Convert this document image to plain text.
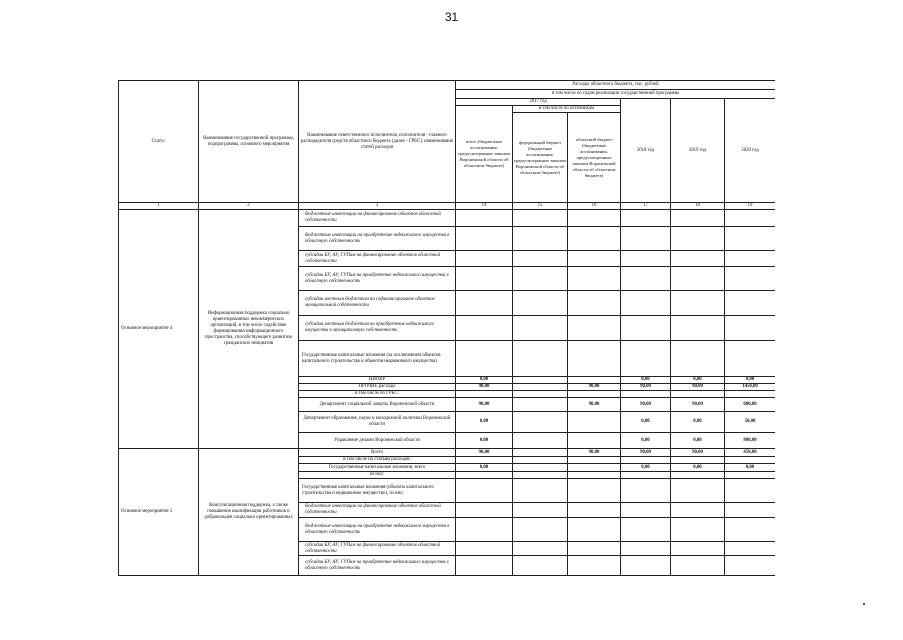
31
Статус	Наименование государственной программы, подпрограммы, основного мероприятия	Наименование ответственного исполнителя, исполнителя - главного распорядителя средств областного бюджета (далее - ГРБС), наименование статей расходов	Расходы областного бюджета, тыс. рублей					
			в том числе по годам реализации государственной программы					
			2017 год			2018 год	2019 год	2020 год
			всего (бюджетные ассигнования, предусмотренные законом Воронежской области об областном бюджете)	в том числе по источникам				
				федеральный бюджет (бюджетные ассигнования, предусмотренные законом Воронежской области об областном бюджете)	областной бюджет (бюджетные ассигнования, предусмотренные законом Воронежской области об областном бюджете)			
1	2	3	14	15	16	17	18	19
Основное мероприятие 4	Информационная поддержка социально ориентированных некоммерческих организаций, в том числе содействие формированию информационного пространства, способствующего развитию гражданских инициатив	бюджетные инвестиции на финансирование объектов областной собственности						
		бюджетные инвестиции на приобретение недвижимого имущества в областную собственность						
		субсидии БУ, АУ, ГУПам на финансирование объектов областной собственности						
		субсидии БУ, АУ, ГУПам на приобретение недвижимого имущества в областную собственность						
		субсидии местным бюджетам на софинансирование объектов муниципальной собственности						
		субсидии местным бюджетам на приобретение недвижимого имущества в муниципальную собственность						
		Государственные капитальные вложения (за исключением объектов капитального строительства и объектов недвижимого имущества)						
		НИОКР	0,00			0,00	0,00	0,00
		ПРОЧИЕ расходы	90,00		90,00	90,00	90,00	1450,00
		в том числе по ГРБС:						
		Департамент социальной защиты Воронежской области	90,00		90,00	90,00	90,00	600,00
		Департамент образования, науки и молодежной политики Воронежской области	0,00			0,00	0,00	50,00
		Управление делами Воронежской области	0,00			0,00	0,00	800,00
Основное мероприятие 5	Консультационная поддержка, а также повышение квалификации работников и добровольцев социально ориентированных	Всего	90,00		90,00	90,00	90,00	450,00
		в том числе по статьям расходов:						
		Государственные капитальные вложения, всего	0,00			0,00	0,00	0,00
		из них:						
		Государственные капитальные вложения (объекты капитального строительства и недвижимое имущество), из них:						
		бюджетные инвестиции на финансирование объектов областной собственности						
		бюджетные инвестиции на приобретение недвижимого имущества в областную собственность						
		субсидии БУ, АУ, ГУПам на финансирование объектов областной собственности						
		субсидии БУ, АУ, ГУПам на приобретение недвижимого имущества в областную собственность						
